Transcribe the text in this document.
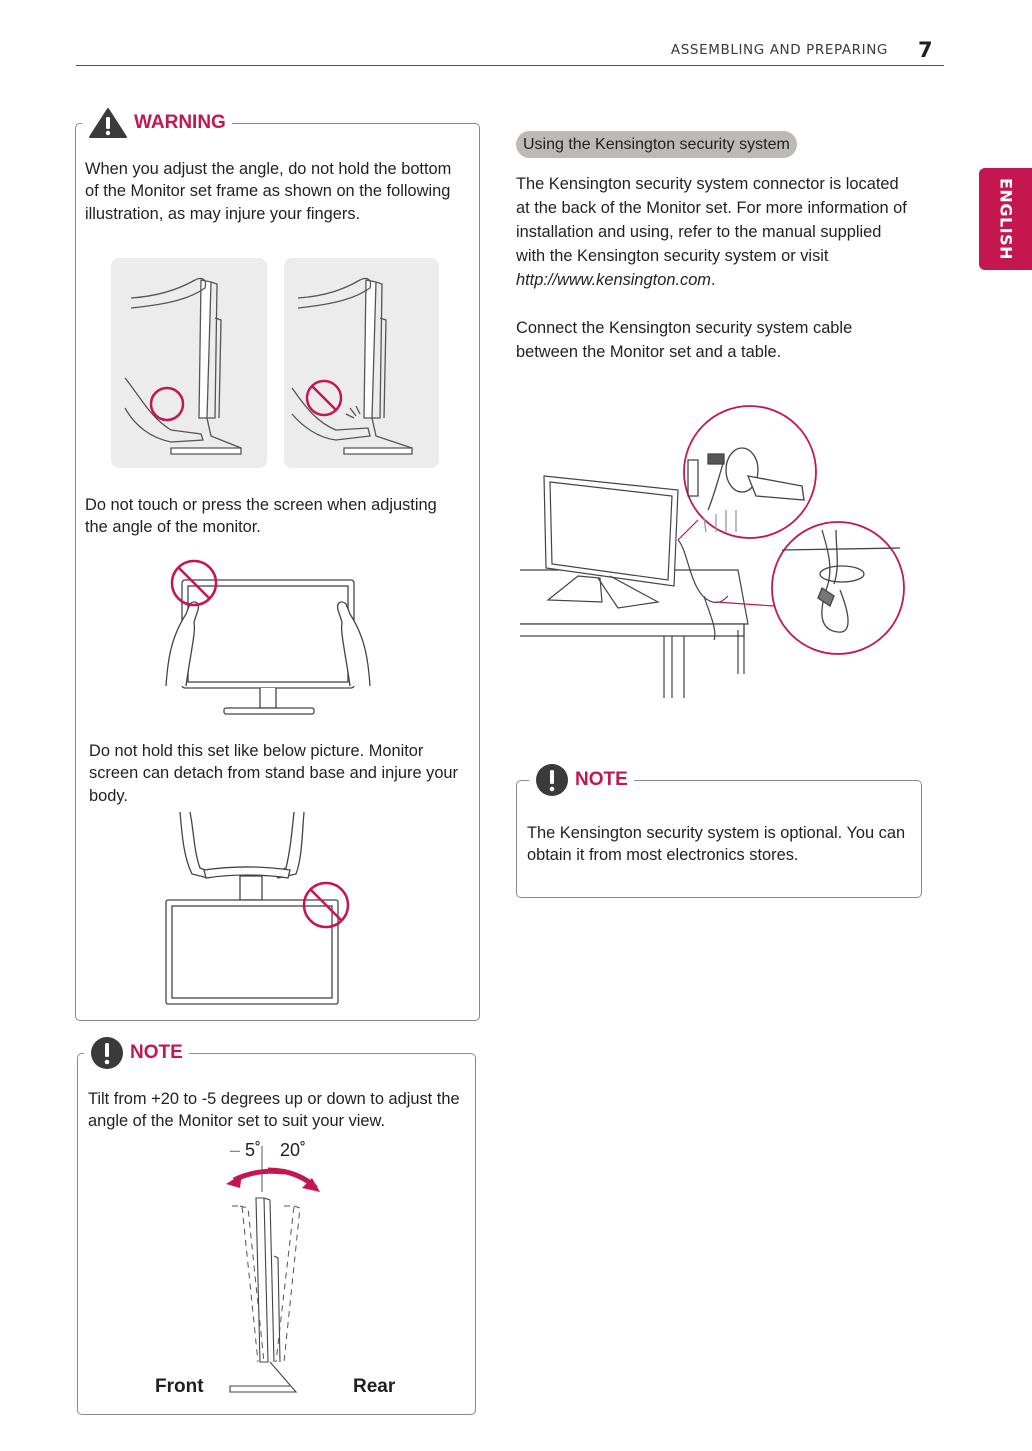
ASSEMBLING AND PREPARING 7
ENGLISH
WARNING
When you adjust the angle, do not hold the bottom of the Monitor set frame as shown on the following illustration, as may injure your fingers.
Do not touch or press the screen when adjusting the angle of the monitor.
Do not hold this set like below picture. Monitor screen can detach from stand base and injure your body.
NOTE
Tilt from +20 to -5 degrees up or down to adjust the angle of the Monitor set to suit your view.
– 5˚ 20˚
Front	Rear
Using the Kensington security system
The Kensington security system connector is located at the back of the Monitor set. For more information of installation and using, refer to the manual supplied with the Kensington security system or visit http://www.kensington.com.
Connect the Kensington security system cable between the Monitor set and a table.
NOTE
The Kensington security system is optional. You can obtain it from most electronics stores.
